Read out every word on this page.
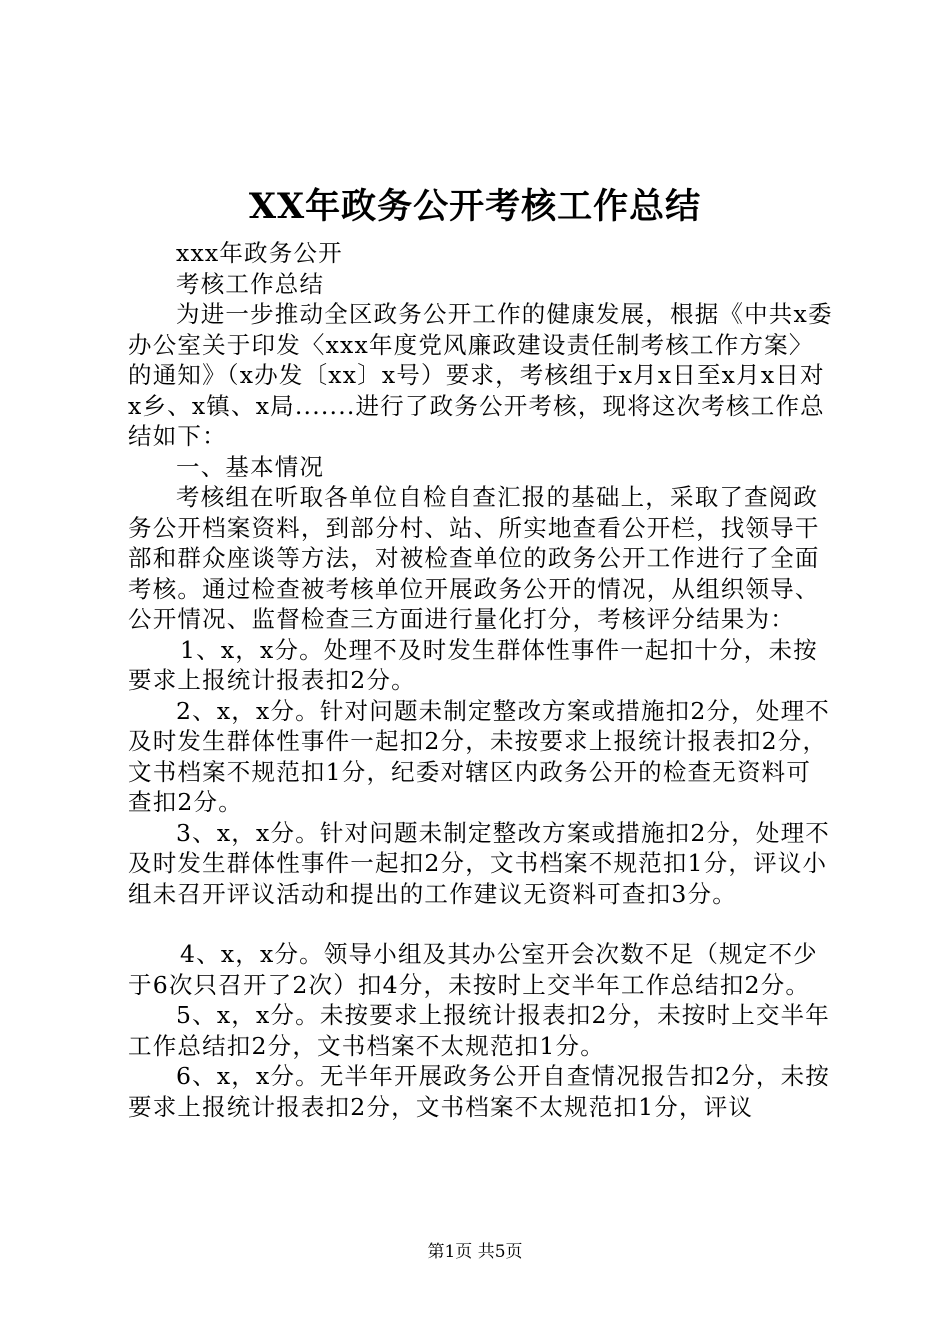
XX年政务公开考核工作总结

xxx年政务公开

考核工作总结

为进一步推动全区政务公开工作的健康发展，根据《中共x委办公室关于印发〈xxx年度党风廉政建设责任制考核工作方案〉的通知》（x办发〔xx〕x号）要求，考核组于x月x日至x月x日对x乡、x镇、x局.......进行了政务公开考核，现将这次考核工作总结如下：

一、基本情况

考核组在听取各单位自检自查汇报的基础上，采取了查阅政务公开档案资料，到部分村、站、所实地查看公开栏，找领导干部和群众座谈等方法，对被检查单位的政务公开工作进行了全面考核。通过检查被考核单位开展政务公开的情况，从组织领导、公开情况、监督检查三方面进行量化打分，考核评分结果为：

1、x，x分。处理不及时发生群体性事件一起扣十分，未按要求上报统计报表扣2分。

2、x，x分。针对问题未制定整改方案或措施扣2分，处理不及时发生群体性事件一起扣2分，未按要求上报统计报表扣2分，文书档案不规范扣1分，纪委对辖区内政务公开的检查无资料可查扣2分。

3、x，x分。针对问题未制定整改方案或措施扣2分，处理不及时发生群体性事件一起扣2分，文书档案不规范扣1分，评议小组未召开评议活动和提出的工作建议无资料可查扣3分。

4、x，x分。领导小组及其办公室开会次数不足（规定不少于6次只召开了2次）扣4分，未按时上交半年工作总结扣2分。

5、x，x分。未按要求上报统计报表扣2分，未按时上交半年工作总结扣2分，文书档案不太规范扣1分。

6、x，x分。无半年开展政务公开自查情况报告扣2分，未按要求上报统计报表扣2分，文书档案不太规范扣1分，评议

第1页 共5页
